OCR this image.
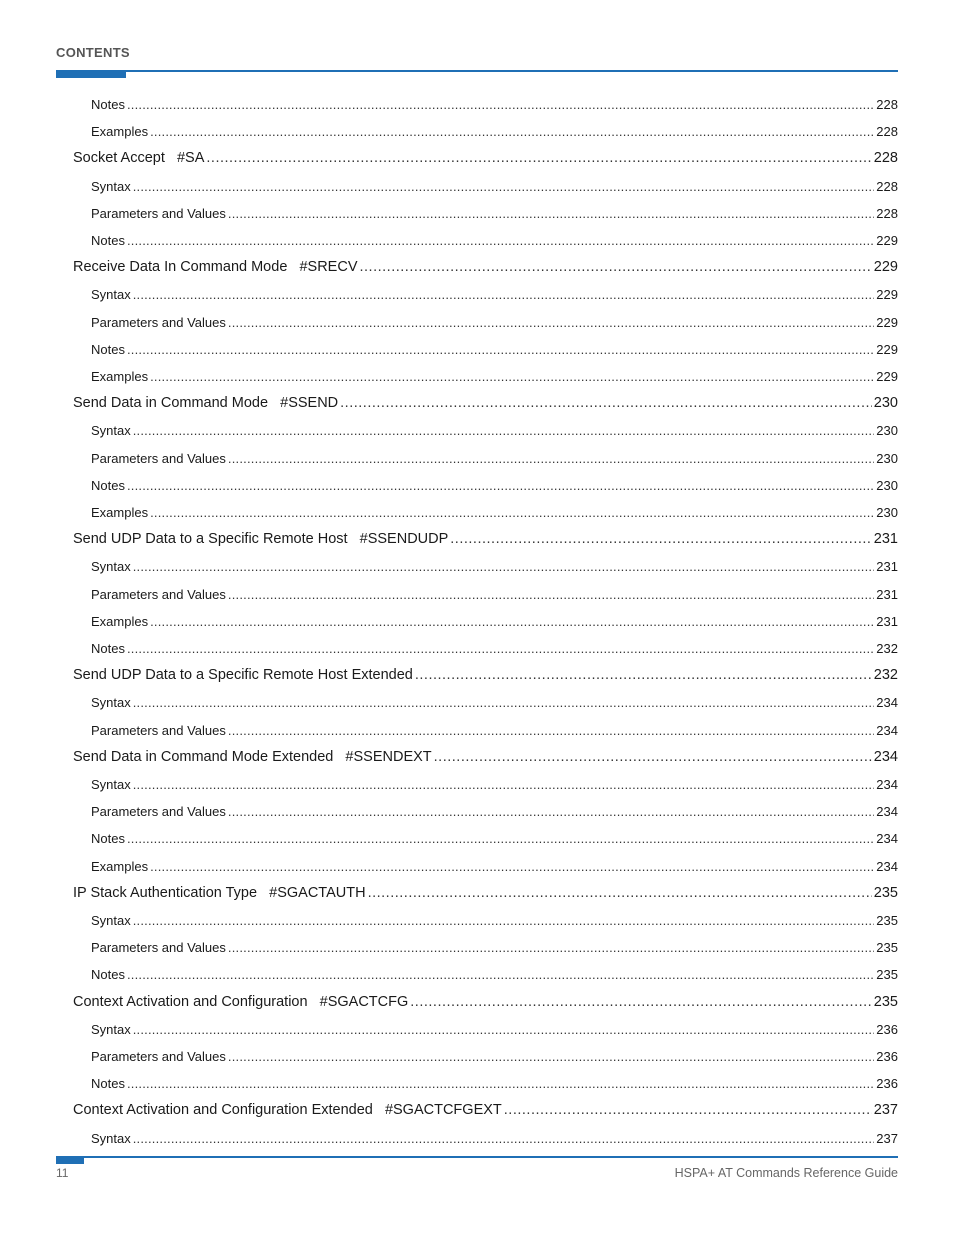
CONTENTS
Notes .....	228
Examples .....	228
Socket Accept   #SA .....	228
Syntax .....	228
Parameters and Values .....	228
Notes .....	229
Receive Data In Command Mode   #SRECV .....	229
Syntax .....	229
Parameters and Values .....	229
Notes .....	229
Examples .....	229
Send Data in Command Mode   #SSEND .....	230
Syntax .....	230
Parameters and Values .....	230
Notes .....	230
Examples .....	230
Send UDP Data to a Specific Remote Host   #SSENDUDP .....	231
Syntax .....	231
Parameters and Values .....	231
Examples .....	231
Notes .....	232
Send UDP Data to a Specific Remote Host Extended .....	232
Syntax .....	234
Parameters and Values .....	234
Send Data in Command Mode Extended   #SSENDEXT .....	234
Syntax .....	234
Parameters and Values .....	234
Notes .....	234
Examples .....	234
IP Stack Authentication Type   #SGACTAUTH .....	235
Syntax .....	235
Parameters and Values .....	235
Notes .....	235
Context Activation and Configuration   #SGACTCFG .....	235
Syntax .....	236
Parameters and Values .....	236
Notes .....	236
Context Activation and Configuration Extended   #SGACTCFGEXT .....	237
Syntax .....	237
11	HSPA+ AT Commands Reference Guide
